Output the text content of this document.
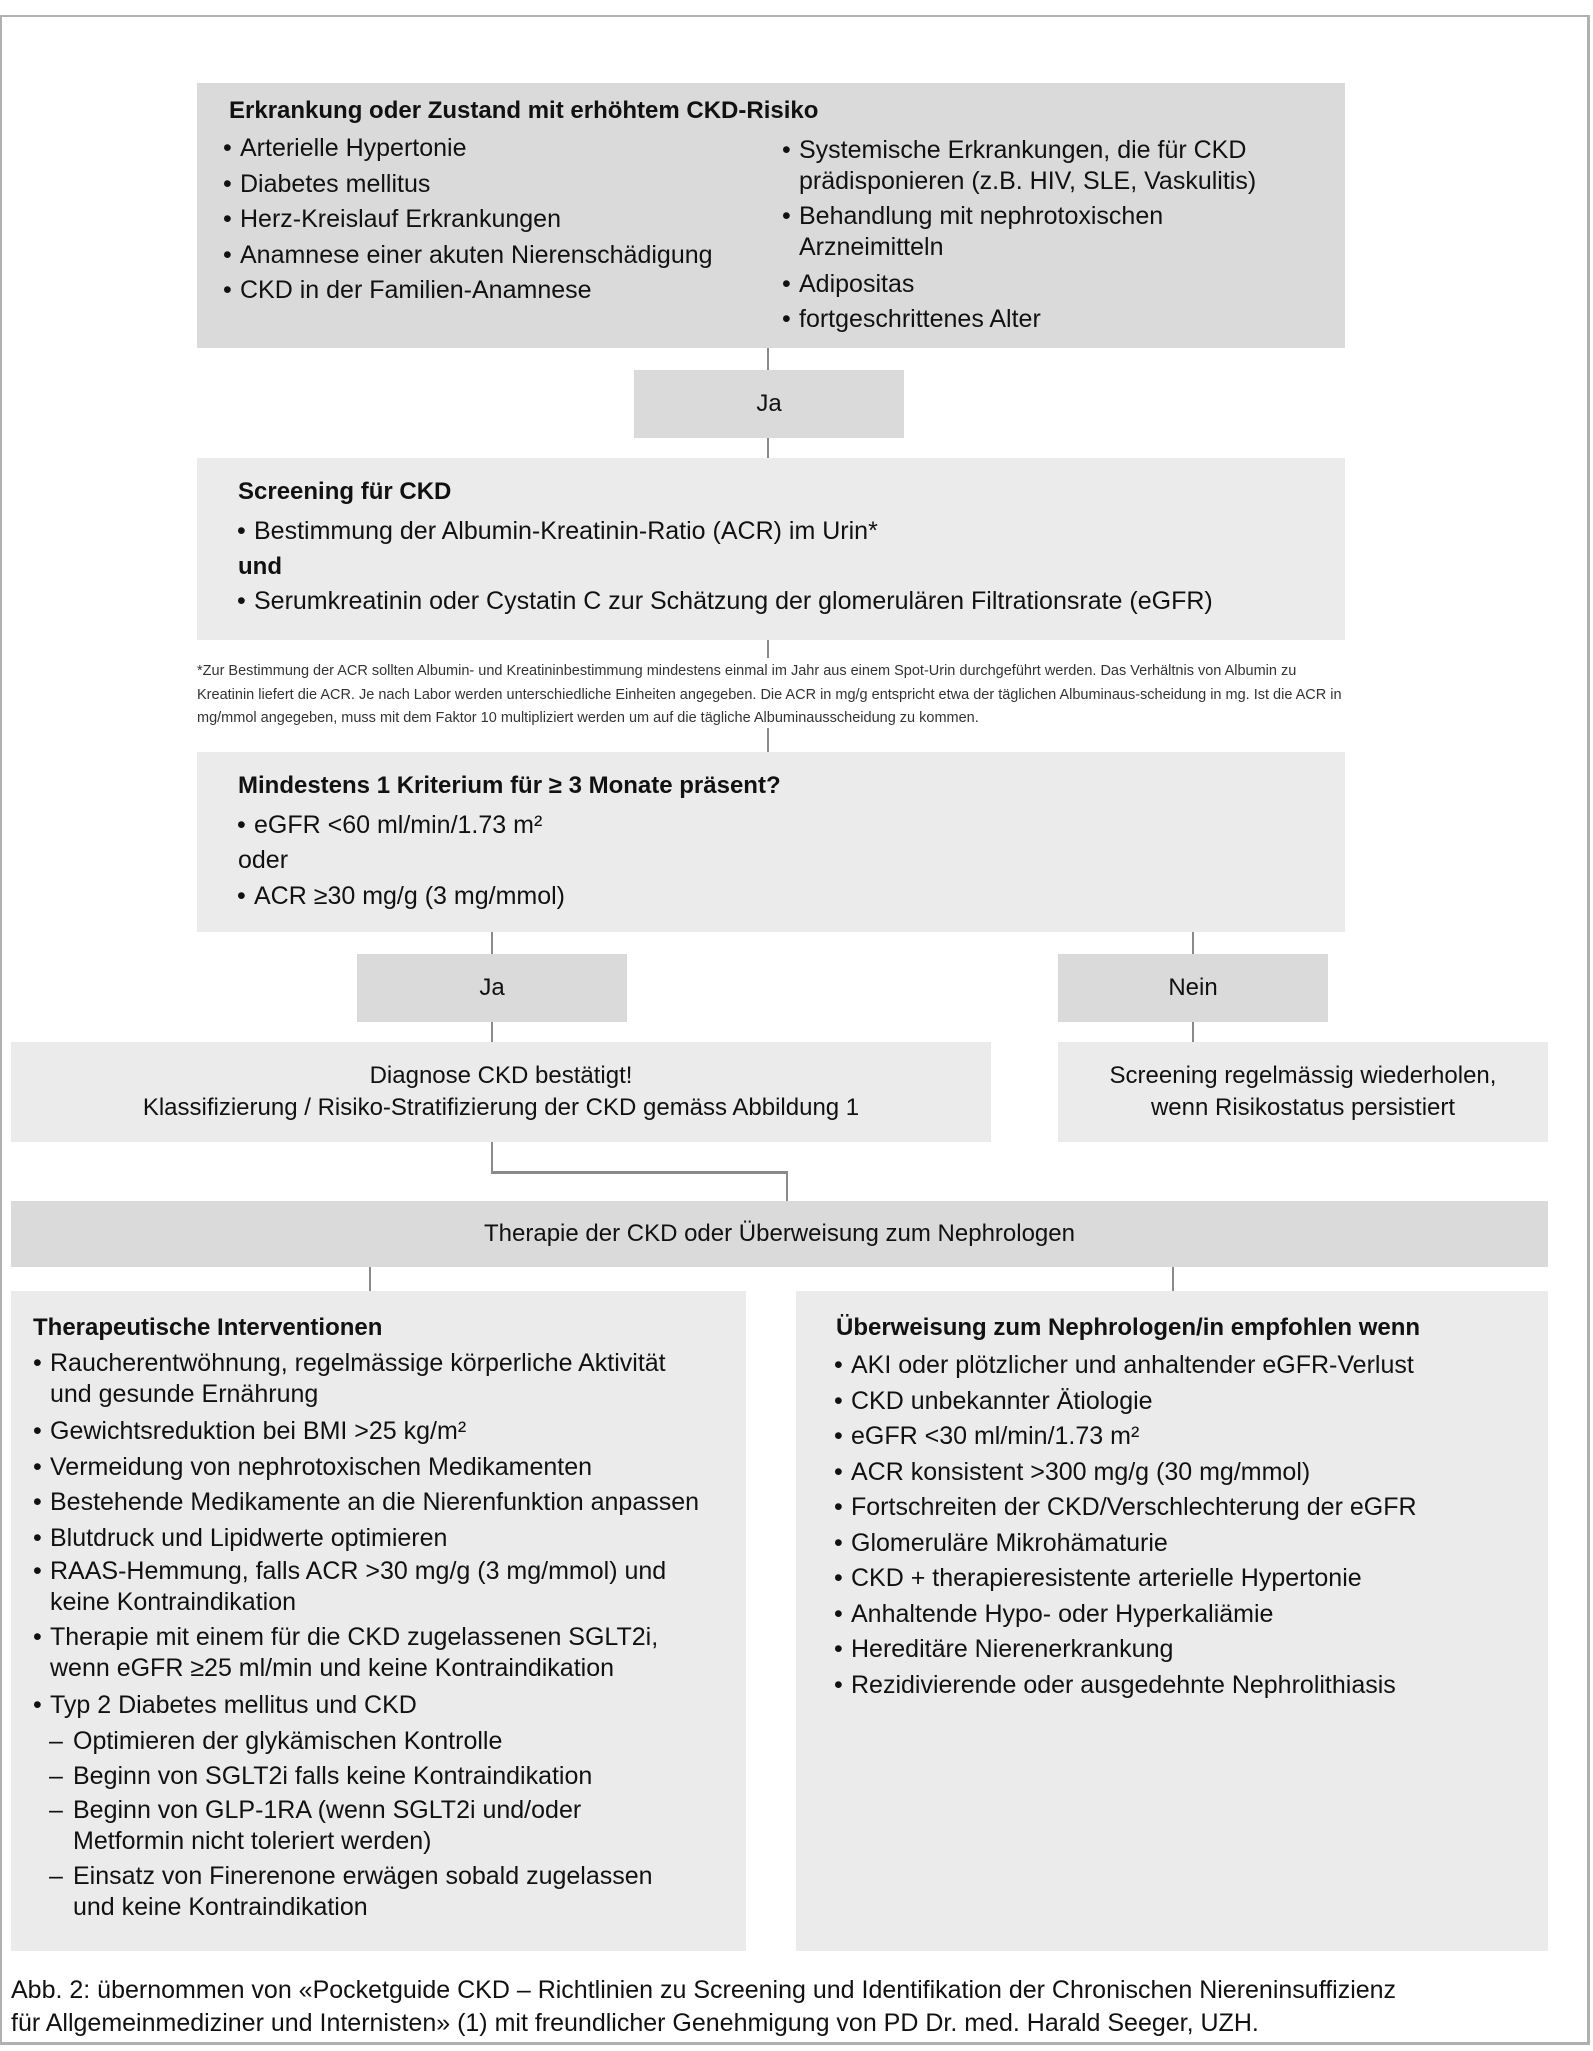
Erkrankung oder Zustand mit erhöhtem CKD-Risiko
• Arterielle Hypertonie
• Diabetes mellitus
• Herz-Kreislauf Erkrankungen
• Anamnese einer akuten Nierenschädigung
• CKD in der Familien-Anamnese
• Systemische Erkrankungen, die für CKD prädisponieren (z.B. HIV, SLE, Vaskulitis)
• Behandlung mit nephrotoxischen Arzneimitteln
• Adipositas
• fortgeschrittenes Alter
Ja
Screening für CKD
• Bestimmung der Albumin-Kreatinin-Ratio (ACR) im Urin*
und
• Serumkreatinin oder Cystatin C zur Schätzung der glomerulären Filtrationsrate (eGFR)
*Zur Bestimmung der ACR sollten Albumin- und Kreatininbestimmung mindestens einmal im Jahr aus einem Spot-Urin durchgeführt werden. Das Verhältnis von Albumin zu Kreatinin liefert die ACR. Je nach Labor werden unterschiedliche Einheiten angegeben. Die ACR in mg/g entspricht etwa der täglichen Albuminaus-scheidung in mg. Ist die ACR in mg/mmol angegeben, muss mit dem Faktor 10 multipliziert werden um auf die tägliche Albuminausscheidung zu kommen.
Mindestens 1 Kriterium für ≥ 3 Monate präsent?
• eGFR <60 ml/min/1.73 m²
oder
• ACR ≥30 mg/g (3 mg/mmol)
Ja	Nein
Diagnose CKD bestätigt!
Klassifizierung / Risiko-Stratifizierung der CKD gemäss Abbildung 1
Screening regelmässig wiederholen,
wenn Risikostatus persistiert
Therapie der CKD oder Überweisung zum Nephrologen
Therapeutische Interventionen
• Raucherentwöhnung, regelmässige körperliche Aktivität und gesunde Ernährung
• Gewichtsreduktion bei BMI >25 kg/m²
• Vermeidung von nephrotoxischen Medikamenten
• Bestehende Medikamente an die Nierenfunktion anpassen
• Blutdruck und Lipidwerte optimieren
• RAAS-Hemmung, falls ACR >30 mg/g (3 mg/mmol) und keine Kontraindikation
• Therapie mit einem für die CKD zugelassenen SGLT2i, wenn eGFR ≥25 ml/min und keine Kontraindikation
• Typ 2 Diabetes mellitus und CKD
– Optimieren der glykämischen Kontrolle
– Beginn von SGLT2i falls keine Kontraindikation
– Beginn von GLP-1RA (wenn SGLT2i und/oder Metformin nicht toleriert werden)
– Einsatz von Finerenone erwägen sobald zugelassen und keine Kontraindikation
Überweisung zum Nephrologen/in empfohlen wenn
• AKI oder plötzlicher und anhaltender eGFR-Verlust
• CKD unbekannter Ätiologie
• eGFR <30 ml/min/1.73 m²
• ACR konsistent >300 mg/g (30 mg/mmol)
• Fortschreiten der CKD/Verschlechterung der eGFR
• Glomeruläre Mikrohämaturie
• CKD + therapieresistente arterielle Hypertonie
• Anhaltende Hypo- oder Hyperkaliämie
• Hereditäre Nierenerkrankung
• Rezidivierende oder ausgedehnte Nephrolithiasis
Abb. 2: übernommen von «Pocketguide CKD – Richtlinien zu Screening und Identifikation der Chronischen Niereninsuffizienz
für Allgemeinmediziner und Internisten» (1) mit freundlicher Genehmigung von PD Dr. med. Harald Seeger, UZH.
